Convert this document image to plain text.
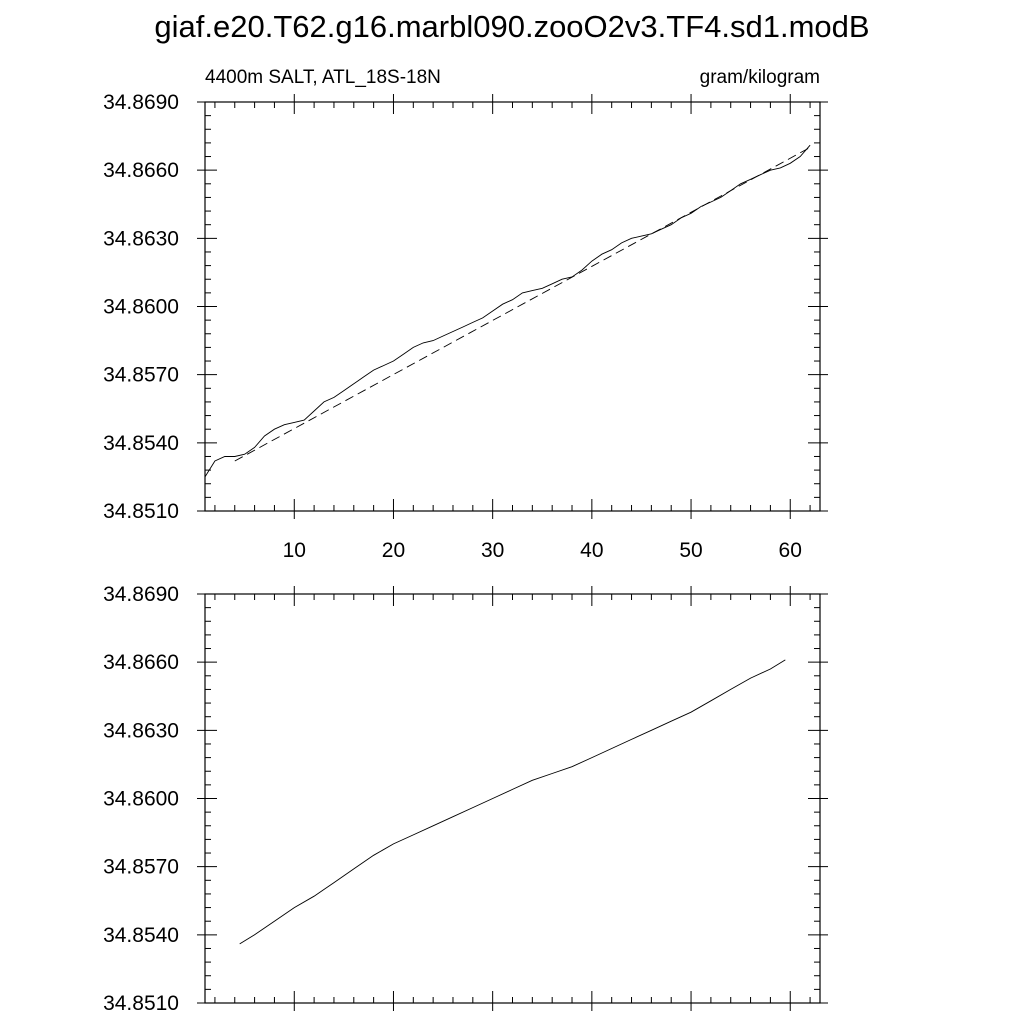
giaf.e20.T62.g16.marbl090.zooO2v3.TF4.sd1.modB
4400m SALT, ATL_18S-18N	gram/kilogram
34.8510
34.8540
34.8570
34.8600
34.8630
34.8660
34.8690
10	20	30	40	50	60
34.8510
34.8540
34.8570
34.8600
34.8630
34.8660
34.8690
